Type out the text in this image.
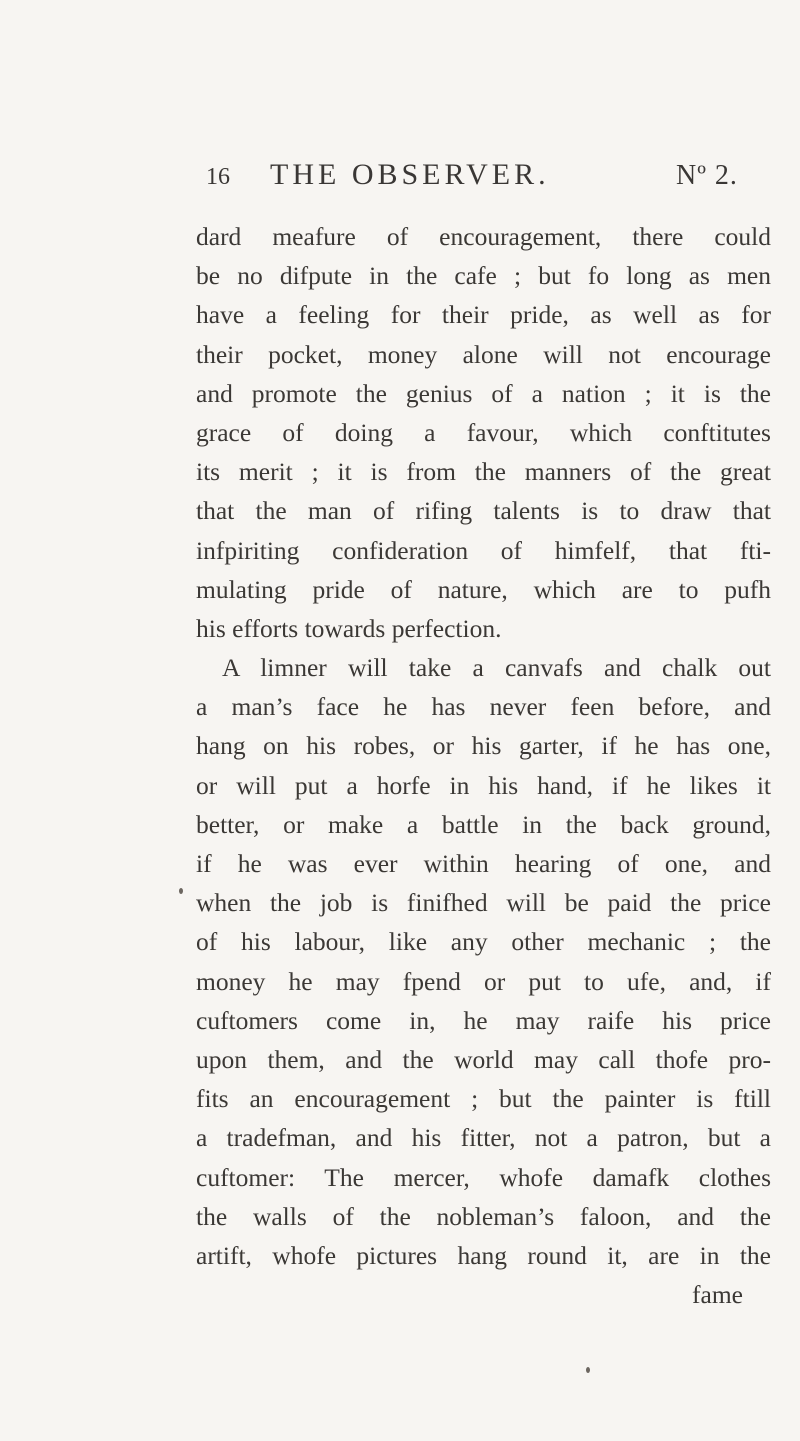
16 THE OBSERVER.	Nº 2.
dard meafure of encouragement, there could
be no difpute in the cafe ; but fo long as men
have a feeling for their pride, as well as for
their pocket, money alone will not encourage
and promote the genius of a nation ; it is the
grace of doing a favour, which conftitutes
its merit ; it is from the manners of the great
that the man of rifing talents is to draw that
infpiriting confideration of himfelf, that fti-
mulating pride of nature, which are to pufh
his efforts towards perfection.
A limner will take a canvafs and chalk out
a man’s face he has never feen before, and
hang on his robes, or his garter, if he has one,
or will put a horfe in his hand, if he likes it
better, or make a battle in the back ground,
if he was ever within hearing of one, and
when the job is finifhed will be paid the price
of his labour, like any other mechanic ; the
money he may fpend or put to ufe, and, if
cuftomers come in, he may raife his price
upon them, and the world may call thofe pro-
fits an encouragement ; but the painter is ftill
a tradefman, and his fitter, not a patron, but a
cuftomer: The mercer, whofe damafk clothes
the walls of the nobleman’s faloon, and the
artift, whofe pictures hang round it, are in the
fame
